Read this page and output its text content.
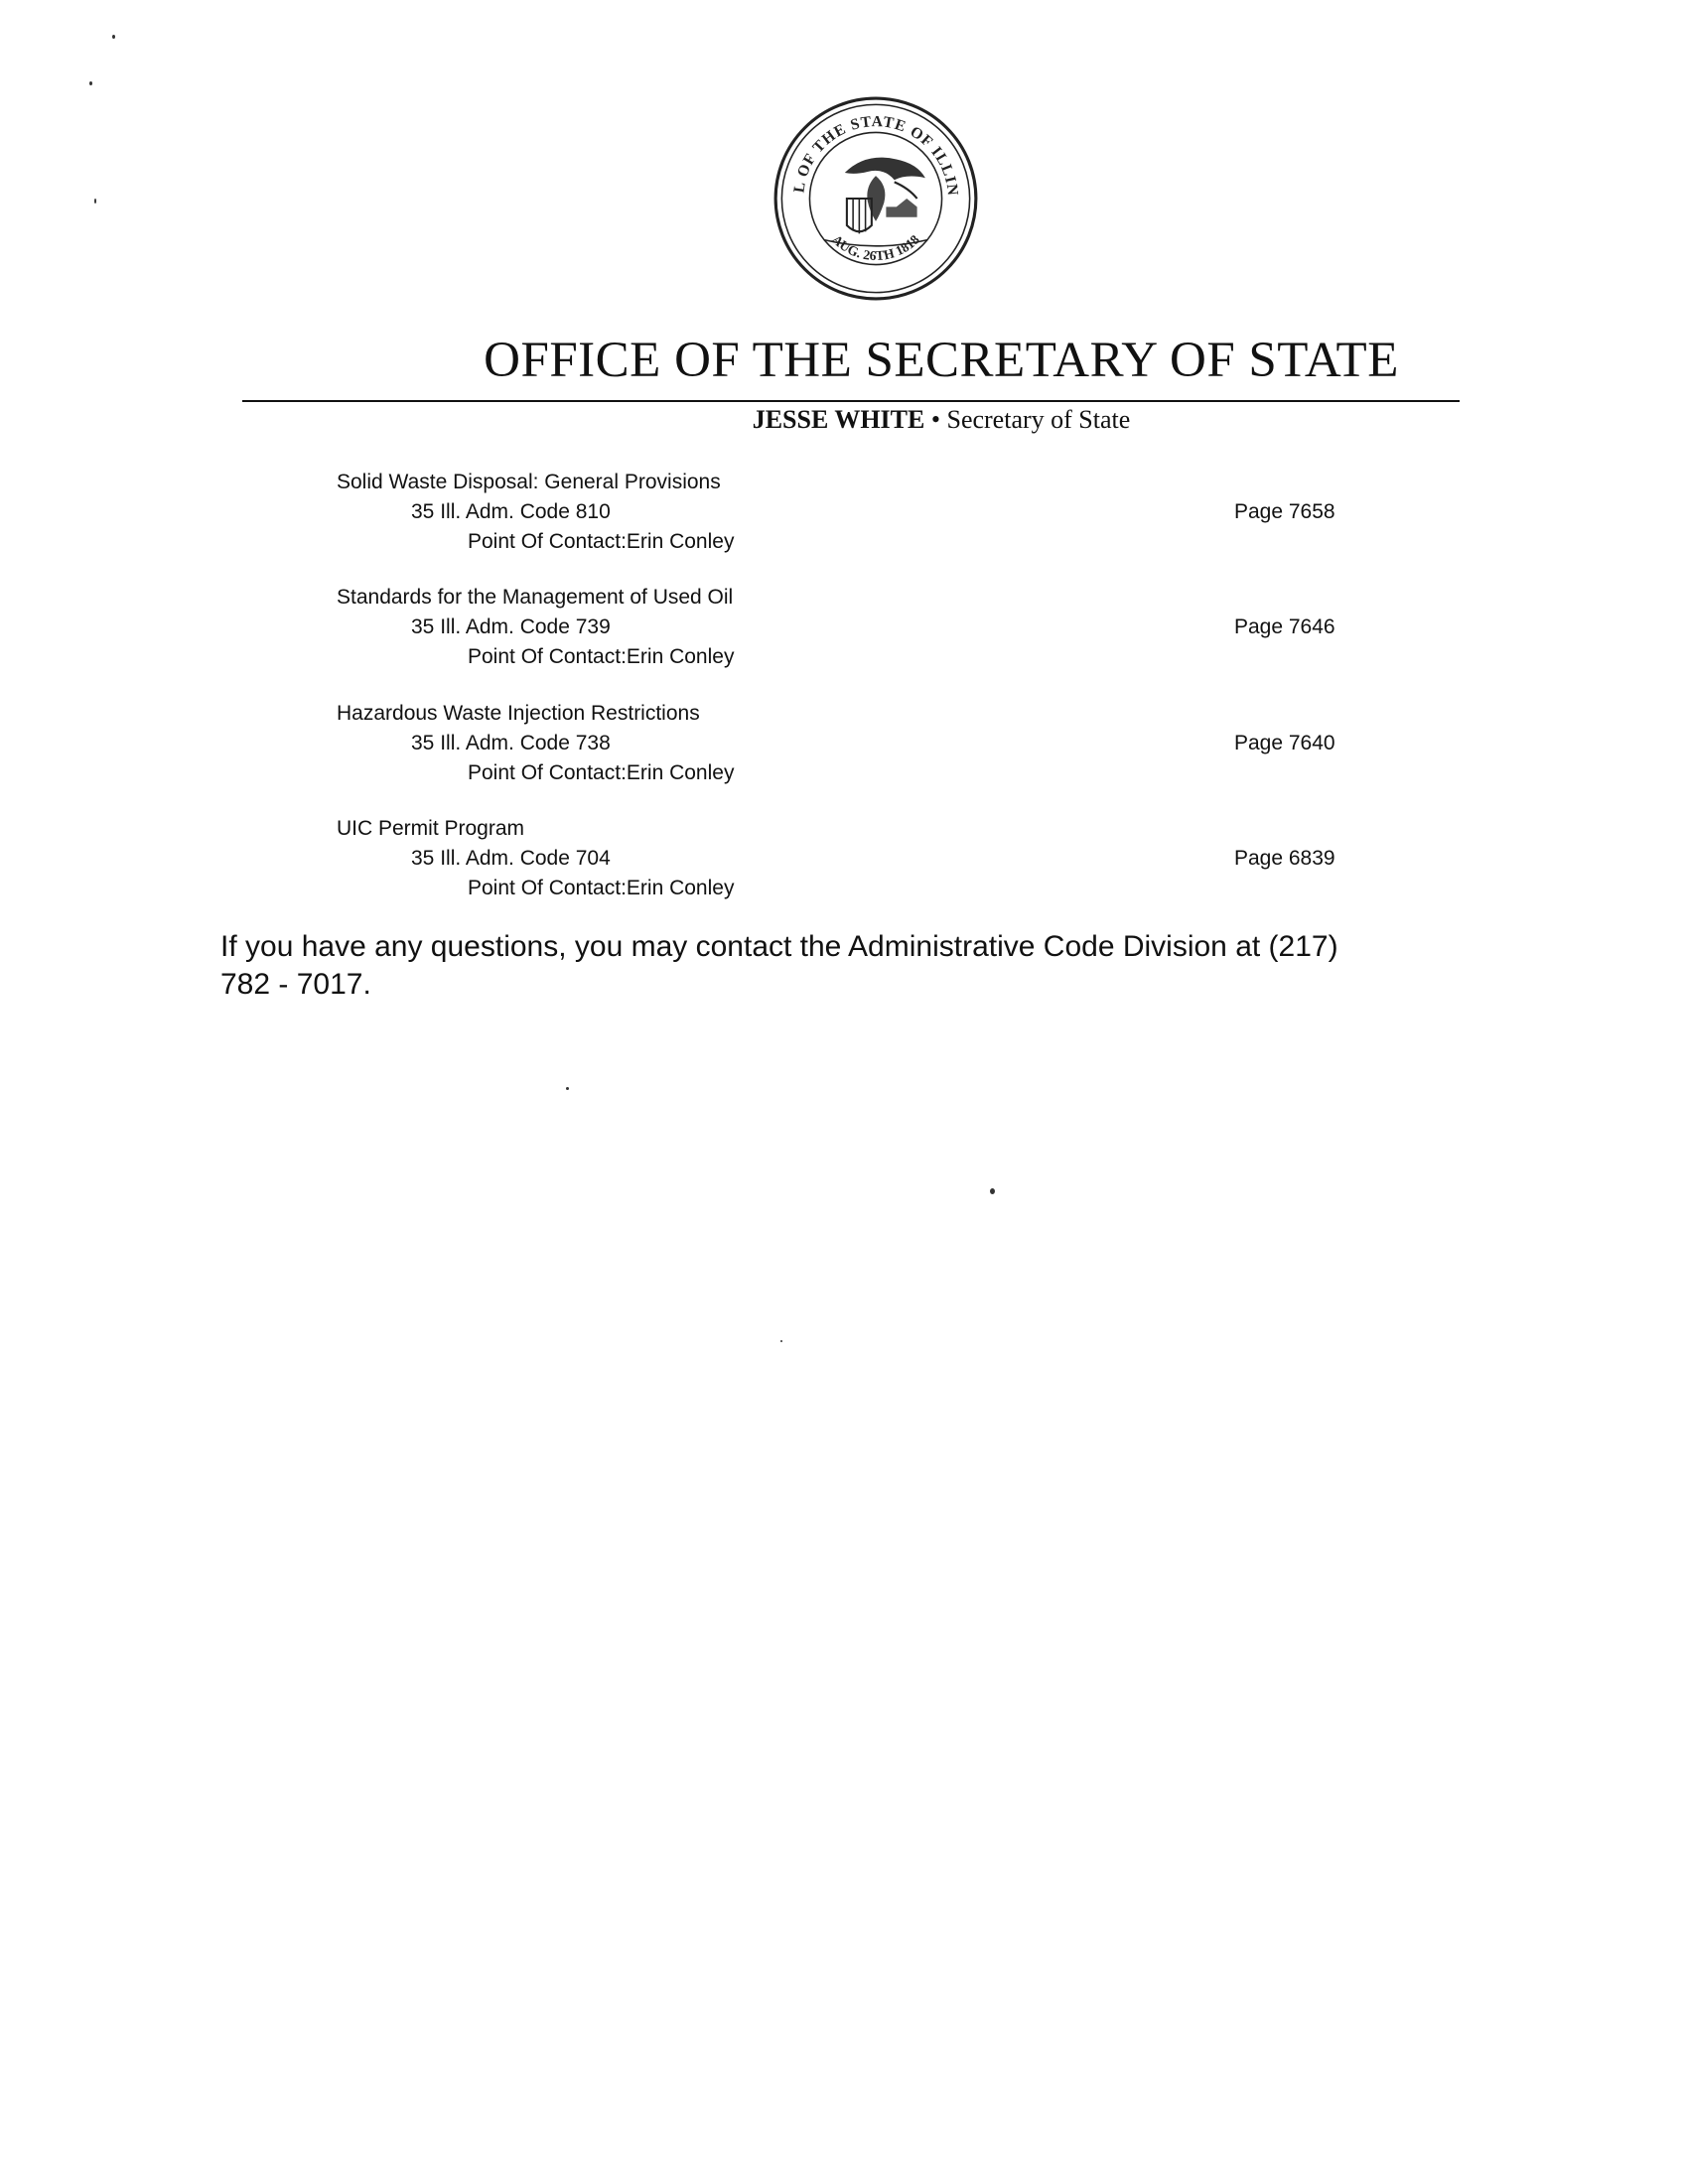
L OF THE STATE OF ILLIN
AUG. 26TH 1818
OFFICE OF THE SECRETARY OF STATE
JESSE WHITE • Secretary of State
Solid Waste Disposal: General Provisions
35 Ill. Adm. Code 810
Point Of Contact:Erin Conley
Page 7658
Standards for the Management of Used Oil
35 Ill. Adm. Code 739
Point Of Contact:Erin Conley
Page 7646
Hazardous Waste Injection Restrictions
35 Ill. Adm. Code 738
Point Of Contact:Erin Conley
Page 7640
UIC Permit Program
35 Ill. Adm. Code 704
Point Of Contact:Erin Conley
Page 6839
If you have any questions, you may contact the Administrative Code Division at (217) 782 - 7017.
